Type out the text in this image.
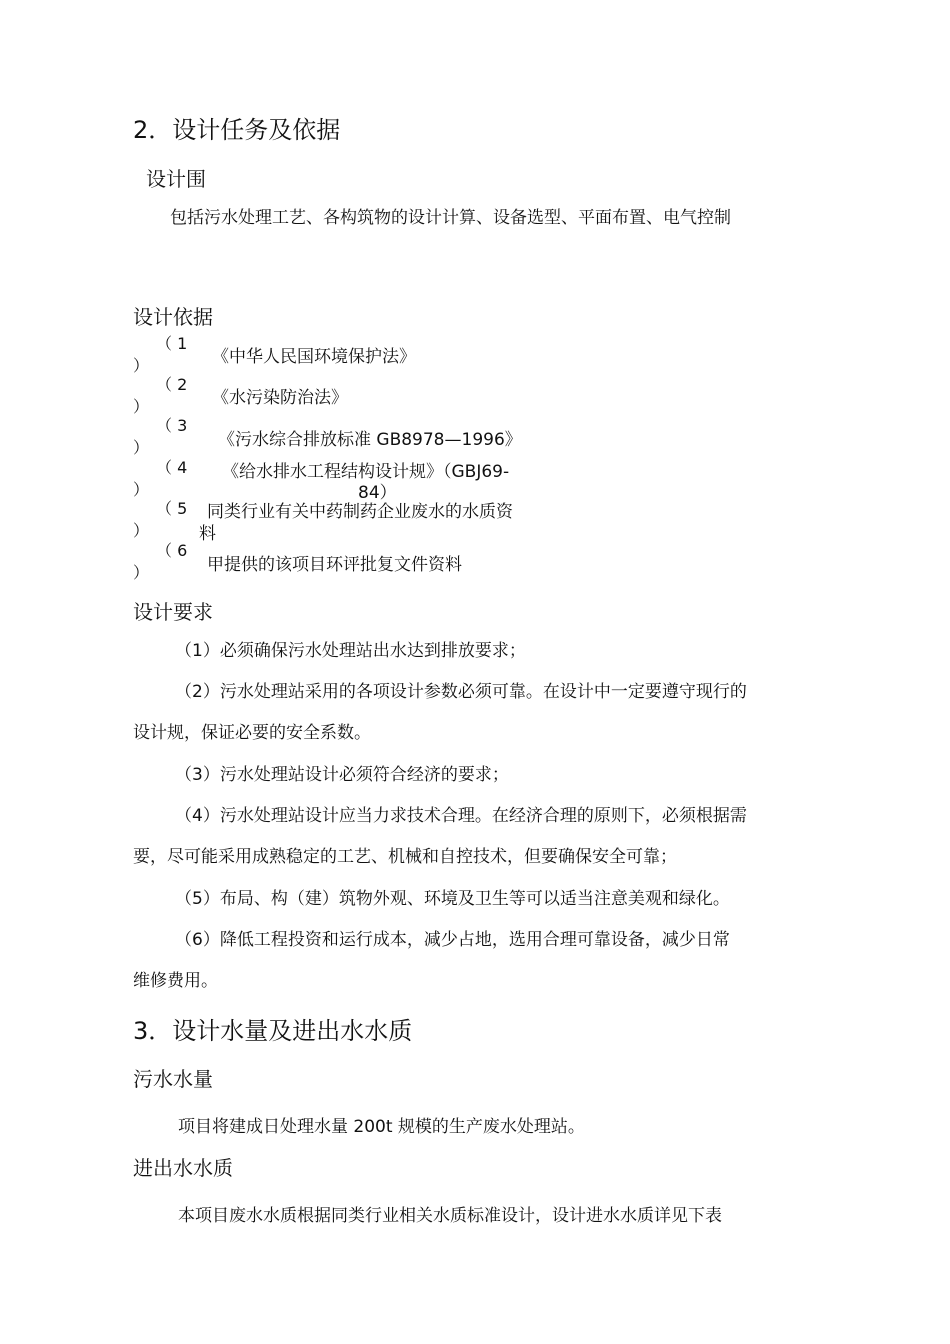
2．设计任务及依据
设计围
包括污水处理工艺、各构筑物的设计计算、设备选型、平面布置、电气控制
设计依据
（ 1
）	《中华人民国环境保护法》
（ 2
）	《水污染防治法》
（ 3
）	《污水综合排放标准 GB8978—1996》
（ 4
）
《给水排水工程结构设计规》（GBJ69-
84）
（ 5
）
同类行业有关中药制药企业废水的水质资
料
（ 6
）	甲提供的该项目环评批复文件资料
设计要求
（1）必须确保污水处理站出水达到排放要求；
（2）污水处理站采用的各项设计参数必须可靠。在设计中一定要遵守现行的
设计规，保证必要的安全系数。
（3）污水处理站设计必须符合经济的要求；
（4）污水处理站设计应当力求技术合理。在经济合理的原则下，必须根据需
要，尽可能采用成熟稳定的工艺、机械和自控技术，但要确保安全可靠；
（5）布局、构（建）筑物外观、环境及卫生等可以适当注意美观和绿化。
（6）降低工程投资和运行成本，减少占地，选用合理可靠设备，减少日常
维修费用。
3．设计水量及进出水水质
污水水量
项目将建成日处理水量 200t 规模的生产废水处理站。
进出水水质
本项目废水水质根据同类行业相关水质标准设计，设计进水水质详见下表
